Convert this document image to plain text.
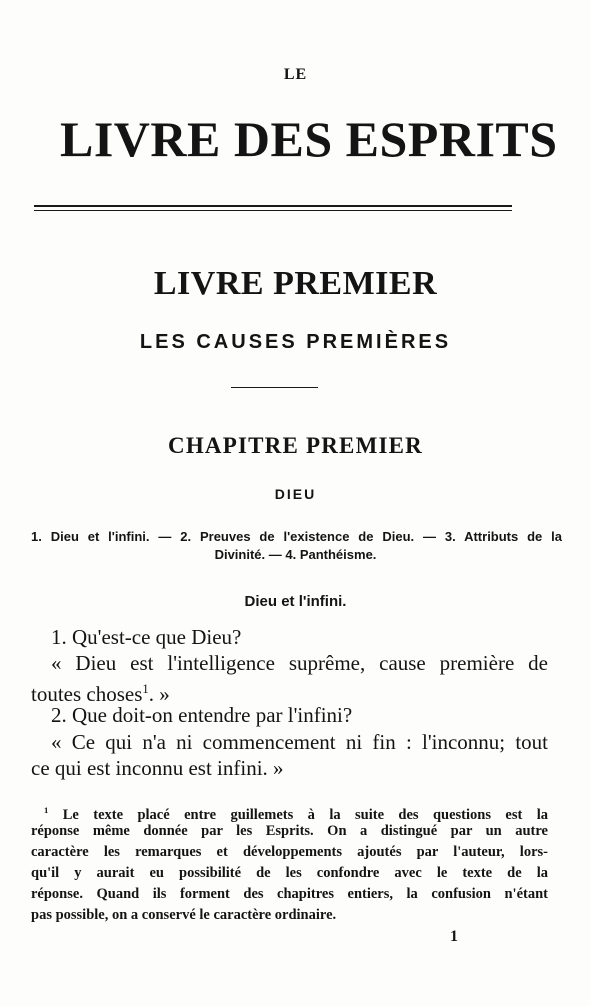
LE
LIVRE DES ESPRITS
LIVRE PREMIER
LES CAUSES PREMIÈRES
CHAPITRE PREMIER
DIEU
1. Dieu et l'infini. — 2. Preuves de l'existence de Dieu. — 3. Attributs de la
Divinité. — 4. Panthéisme.
Dieu et l'infini.
1. Qu'est-ce que Dieu?
« Dieu est l'intelligence suprême, cause première de
toutes choses$^1$. »
2. Que doit-on entendre par l'infini?
« Ce qui n'a ni commencement ni fin : l'inconnu; tout
ce qui est inconnu est infini. »
$^1$ Le texte placé entre guillemets à la suite des questions est la
réponse même donnée par les Esprits. On a distingué par un autre
caractère les remarques et développements ajoutés par l'auteur, lors-
qu'il y aurait eu possibilité de les confondre avec le texte de la
réponse. Quand ils forment des chapitres entiers, la confusion n'étant
pas possible, on a conservé le caractère ordinaire.
1
